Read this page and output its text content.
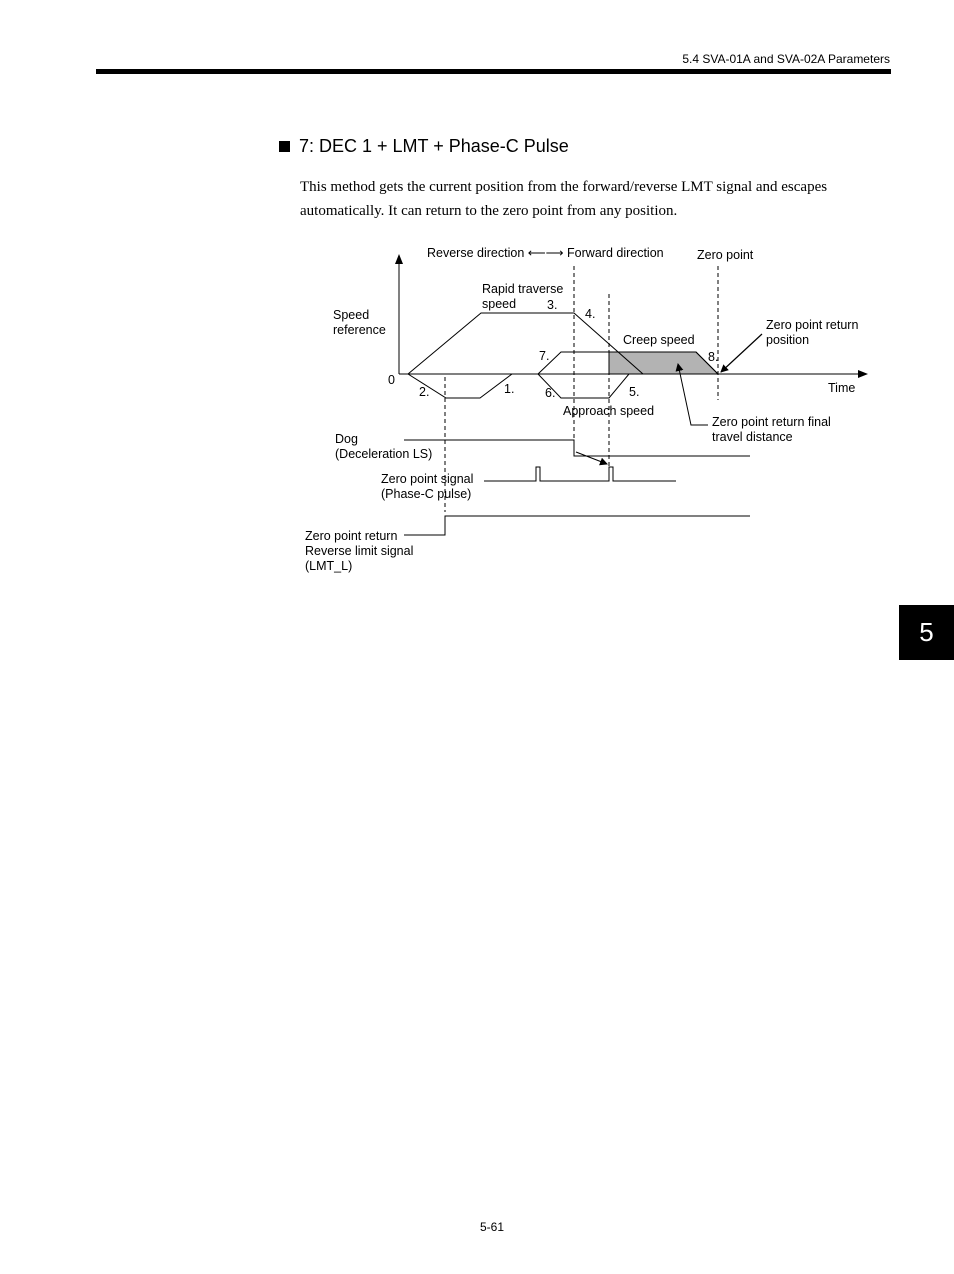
5.4 SVA-01A and SVA-02A Parameters
7: DEC 1 + LMT + Phase-C Pulse
This method gets the current position from the forward/reverse LMT signal and escapes automatically. It can return to the zero point from any position.
Reverse direction ⟵⟶ Forward direction	Zero point
Rapid traverse
speed
Speed
reference	Zero point return
position
Creep speed
0
Time
Approach speed
Zero point return final
travel distance
Dog
(Deceleration LS)
Zero point signal
(Phase-C pulse)
Zero point return
Reverse limit signal
(LMT_L)
1.
2.
3.
4.
5.
6.
7.	8.
5
5-61
